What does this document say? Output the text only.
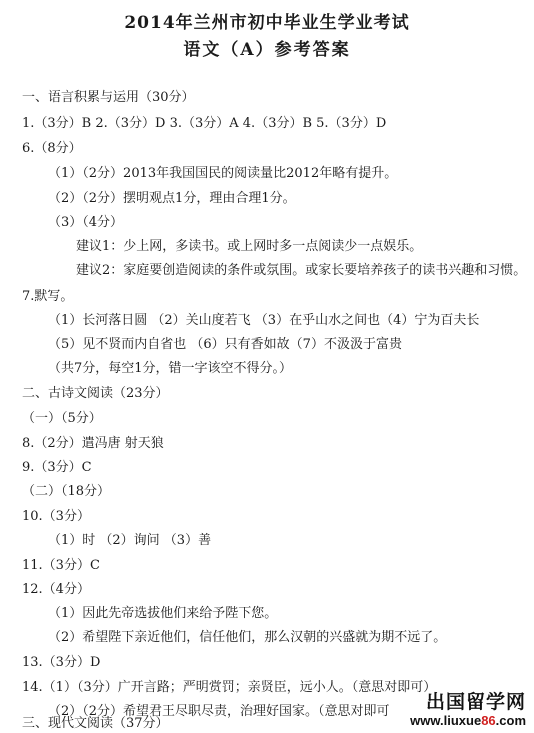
2014年兰州市初中毕业生学业考试
语文（A）参考答案
一、语言积累与运用（30分）
1.（3分）B 2.（3分）D 3.（3分）A 4.（3分）B 5.（3分）D
6.（8分）
（1）（2分）2013年我国国民的阅读量比2012年略有提升。
（2）（2分）摆明观点1分，理由合理1分。
（3）（4分）
建议1：少上网，多读书。或上网时多一点阅读少一点娱乐。
建议2：家庭要创造阅读的条件或氛围。或家长要培养孩子的读书兴趣和习惯。
7.默写。
（1）长河落日圆 （2）关山度若飞 （3）在乎山水之间也（4）宁为百夫长
（5）见不贤而内自省也 （6）只有香如故（7）不汲汲于富贵
（共7分，每空1分，错一字该空不得分。）
二、古诗文阅读（23分）
（一）（5分）
8.（2分）遣冯唐 射天狼
9.（3分）C
（二）（18分）
10.（3分）
（1）时 （2）询问 （3）善
11.（3分）C
12.（4分）
（1）因此先帝选拔他们来给予陛下您。
（2）希望陛下亲近他们，信任他们，那么汉朝的兴盛就为期不远了。
13.（3分）D
14.（1）（3分）广开言路；严明赏罚；亲贤臣，远小人。（意思对即可）
（2）（2分）希望君王尽职尽责，治理好国家。（意思对即可
三、现代文阅读（37分）
出国留学网
www.liuxue86.com
